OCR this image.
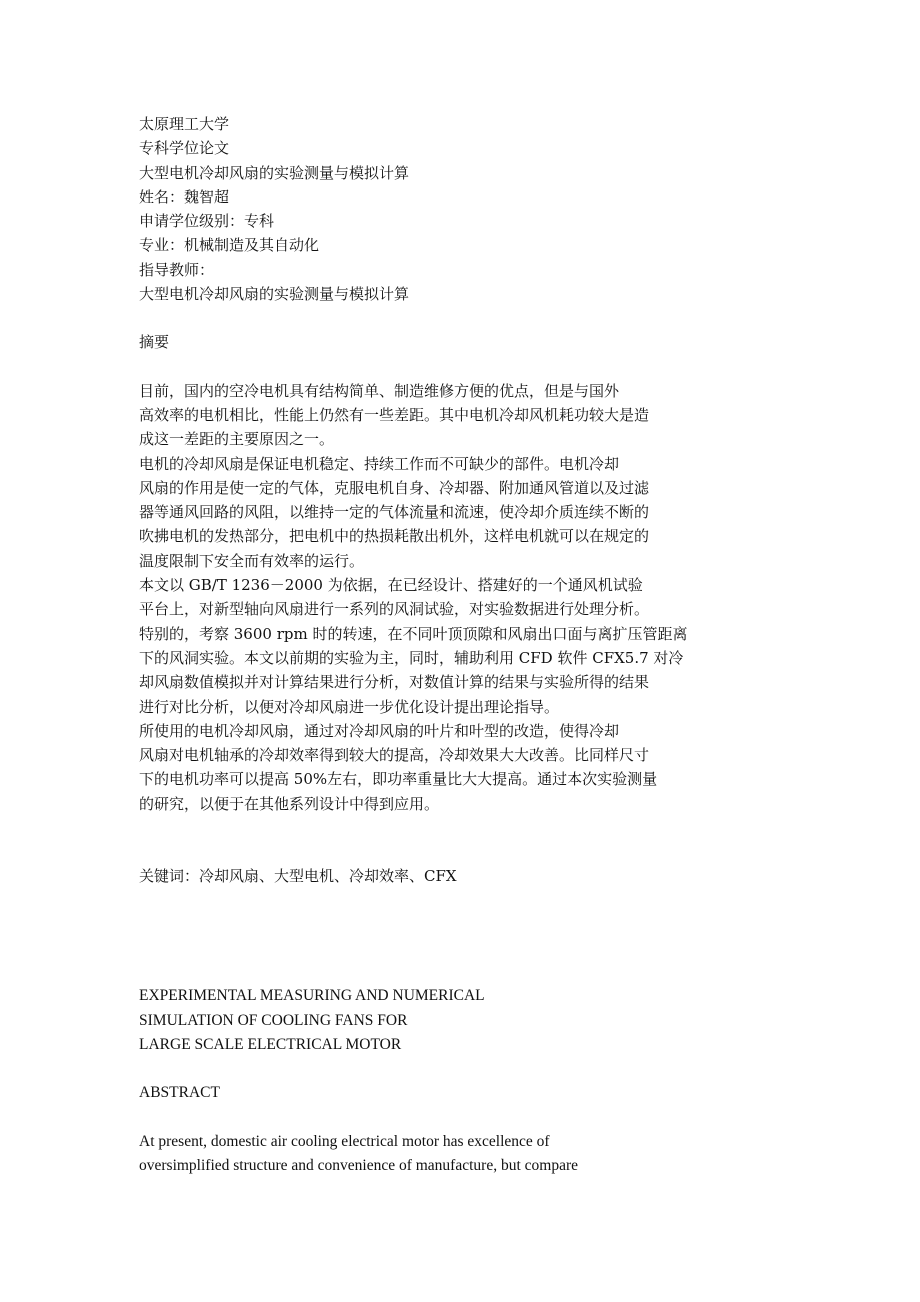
太原理工大学
专科学位论文
大型电机冷却风扇的实验测量与模拟计算
姓名：魏智超
申请学位级别：专科
专业：机械制造及其自动化
指导教师：
大型电机冷却风扇的实验测量与模拟计算
摘要
目前，国内的空冷电机具有结构简单、制造维修方便的优点，但是与国外
高效率的电机相比，性能上仍然有一些差距。其中电机冷却风机耗功较大是造
成这一差距的主要原因之一。
电机的冷却风扇是保证电机稳定、持续工作而不可缺少的部件。电机冷却
风扇的作用是使一定的气体，克服电机自身、冷却器、附加通风管道以及过滤
器等通风回路的风阻，以维持一定的气体流量和流速，使冷却介质连续不断的
吹拂电机的发热部分，把电机中的热损耗散出机外，这样电机就可以在规定的
温度限制下安全而有效率的运行。
本文以 GB/T 1236－2000 为依据，在已经设计、搭建好的一个通风机试验
平台上，对新型轴向风扇进行一系列的风洞试验，对实验数据进行处理分析。
特别的，考察 3600 rpm 时的转速，在不同叶顶顶隙和风扇出口面与离扩压管距离
下的风洞实验。本文以前期的实验为主，同时，辅助利用 CFD 软件 CFX5.7 对冷
却风扇数值模拟并对计算结果进行分析，对数值计算的结果与实验所得的结果
进行对比分析，以便对冷却风扇进一步优化设计提出理论指导。
所使用的电机冷却风扇，通过对冷却风扇的叶片和叶型的改造，使得冷却
风扇对电机轴承的冷却效率得到较大的提高，冷却效果大大改善。比同样尺寸
下的电机功率可以提高 50%左右，即功率重量比大大提高。通过本次实验测量
的研究，以便于在其他系列设计中得到应用。
关键词：冷却风扇、大型电机、冷却效率、CFX
EXPERIMENTAL MEASURING AND NUMERICAL
SIMULATION OF COOLING FANS FOR
LARGE SCALE ELECTRICAL MOTOR
ABSTRACT
At present, domestic air cooling electrical motor has excellence of
oversimplified structure and convenience of manufacture, but compare
